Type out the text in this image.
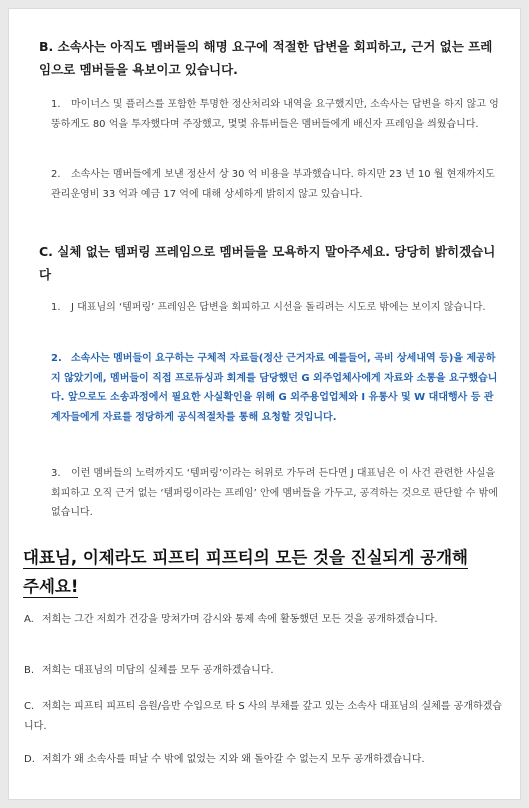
B. 소속사는 아직도 멤버들의 해명 요구에 적절한 답변을 회피하고, 근거 없는 프레임으로 멤버들을 욕보이고 있습니다.
1. 마이너스 및 플러스를 포함한 투명한 정산처리와 내역을 요구했지만, 소속사는 답변을 하지 않고 엉뚱하게도 80 억을 투자했다며 주장했고, 몇몇 유튜버들은 멤버들에게 배신자 프레임을 씌웠습니다.
2. 소속사는 멤버들에게 보낸 정산서 상 30 억 비용을 부과했습니다. 하지만 23 년 10 월 현재까지도 관리운영비 33 억과 예금 17 억에 대해 상세하게 밝히지 않고 있습니다.
C. 실체 없는 템퍼링 프레임으로 멤버들을 모욕하지 말아주세요. 당당히 밝히겠습니다
1. J 대표님의 ‘템퍼링’ 프레임은 답변을 회피하고 시선을 돌리려는 시도로 밖에는 보이지 않습니다.
2. 소속사는 멤버들이 요구하는 구체적 자료들(정산 근거자료 예를들어, 곡비 상세내역 등)을 제공하지 않았기에, 멤버들이 직접 프로듀싱과 회계를 담당했던 G 외주업체사에게 자료와 소통을 요구했습니다. 앞으로도 소송과정에서 필요한 사실확인을 위해 G 외주용업업체와 I 유통사 및 W 대대행사 등 관계자들에게 자료를 정당하게 공식적절차를 통해 요청할 것입니다.
3. 이런 멤버들의 노력까지도 ‘템퍼링’이라는 허위로 가두려 든다면 J 대표님은 이 사건 관련한 사실을 회피하고 오직 근거 없는 ‘템퍼링이라는 프레임’ 안에 멤버들을 가두고, 공격하는 것으로 판단할 수 밖에 없습니다.
대표님, 이제라도 피프티 피프티의 모든 것을 진실되게 공개해
주세요!
A. 저희는 그간 저희가 건강을 망쳐가며 감시와 통제 속에 활동했던 모든 것을 공개하겠습니다.
B. 저희는 대표님의 미담의 실체를 모두 공개하겠습니다.
C. 저희는 피프티 피프티 음원/음반 수입으로 타 S 사의 부채를 갚고 있는 소속사 대표님의 실체를 공개하겠습니다.
D. 저희가 왜 소속사를 떠날 수 밖에 없었는 지와 왜 돌아갈 수 없는지 모두 공개하겠습니다.
